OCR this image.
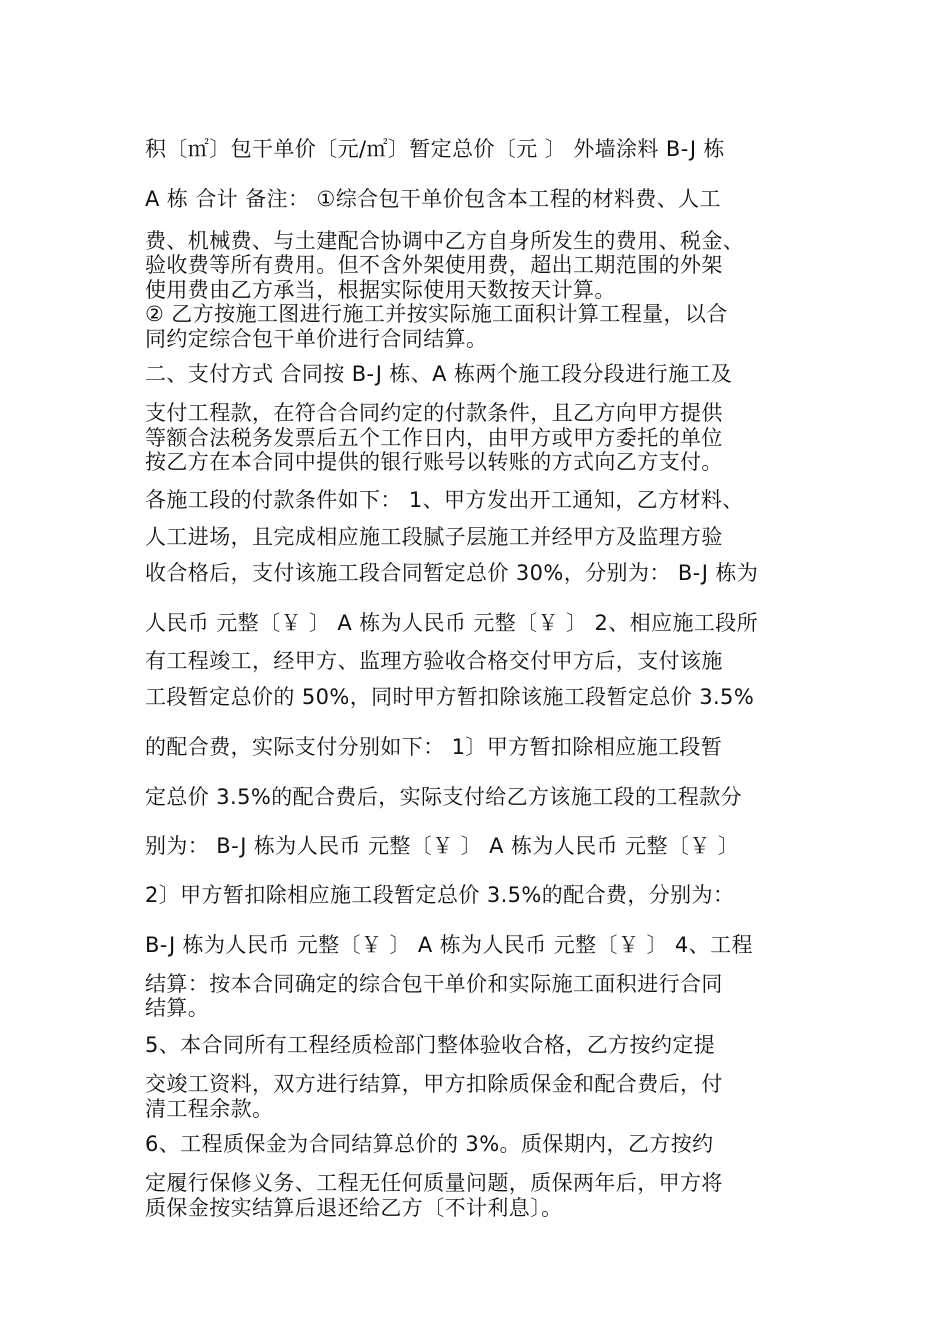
积〔㎡〕包干单价〔元/㎡〕暂定总价〔元 〕 外墙涂料 B-J 栋
A 栋 合计 备注： ①综合包干单价包含本工程的材料费、人工
费、机械费、与土建配合协调中乙方自身所发生的费用、税金、
验收费等所有费用。但不含外架使用费，超出工期范围的外架
使用费由乙方承当，根据实际使用天数按天计算。
② 乙方按施工图进行施工并按实际施工面积计算工程量，以合
同约定综合包干单价进行合同结算。
二、支付方式 合同按 B-J 栋、A 栋两个施工段分段进行施工及
支付工程款，在符合合同约定的付款条件，且乙方向甲方提供
等额合法税务发票后五个工作日内，由甲方或甲方委托的单位
按乙方在本合同中提供的银行账号以转账的方式向乙方支付。
各施工段的付款条件如下： 1、甲方发出开工通知，乙方材料、
人工进场，且完成相应施工段腻子层施工并经甲方及监理方验
收合格后，支付该施工段合同暂定总价 30%，分别为： B-J 栋为
人民币 元整〔￥ 〕 A 栋为人民币 元整〔￥ 〕 2、相应施工段所
有工程竣工，经甲方、监理方验收合格交付甲方后，支付该施
工段暂定总价的 50%，同时甲方暂扣除该施工段暂定总价 3.5%
的配合费，实际支付分别如下： 1〕甲方暂扣除相应施工段暂
定总价 3.5%的配合费后，实际支付给乙方该施工段的工程款分
别为： B-J 栋为人民币 元整〔￥ 〕 A 栋为人民币 元整〔￥ 〕
2〕甲方暂扣除相应施工段暂定总价 3.5%的配合费，分别为：
B-J 栋为人民币 元整〔￥ 〕 A 栋为人民币 元整〔￥ 〕 4、工程
结算：按本合同确定的综合包干单价和实际施工面积进行合同
结算。
5、本合同所有工程经质检部门整体验收合格，乙方按约定提
交竣工资料，双方进行结算，甲方扣除质保金和配合费后，付
清工程余款。
6、工程质保金为合同结算总价的 3%。质保期内，乙方按约
定履行保修义务、工程无任何质量问题，质保两年后，甲方将
质保金按实结算后退还给乙方〔不计利息〕。
